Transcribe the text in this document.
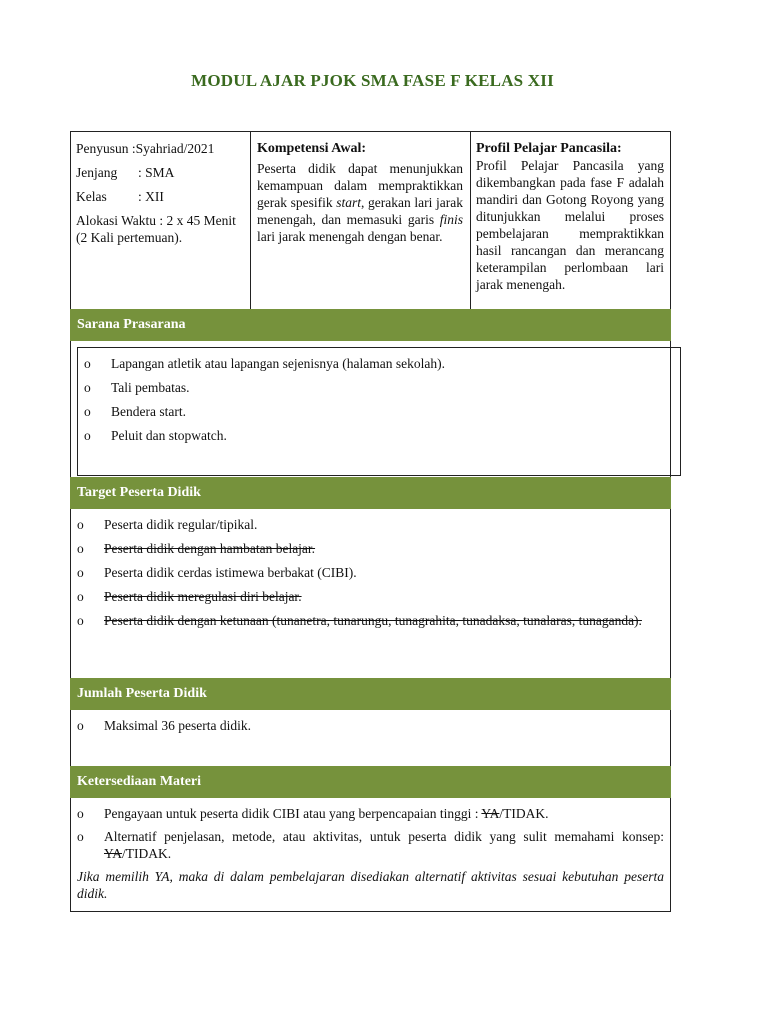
MODUL AJAR PJOK SMA FASE F KELAS XII
Penyusun :Syahriad/2021
Jenjang : SMA
Kelas : XII
Alokasi Waktu : 2 x 45 Menit (2 Kali pertemuan).
Kompetensi Awal:
Peserta didik dapat menunjukkan kemampuan dalam mempraktikkan gerak spesifik start, gerakan lari jarak menengah, dan memasuki garis finis lari jarak menengah dengan benar.
Profil Pelajar Pancasila:
Profil Pelajar Pancasila yang dikembangkan pada fase F adalah mandiri dan Gotong Royong yang ditunjukkan melalui proses pembelajaran mempraktikkan hasil rancangan dan merancang keterampilan perlombaan lari jarak menengah.
Sarana Prasarana
o Lapangan atletik atau lapangan sejenisnya (halaman sekolah).
o Tali pembatas.
o Bendera start.
o Peluit dan stopwatch.
Target Peserta Didik
o Peserta didik regular/tipikal.
o Peserta didik dengan hambatan belajar.
o Peserta didik cerdas istimewa berbakat (CIBI).
o Peserta didik meregulasi diri belajar.
o Peserta didik dengan ketunaan (tunanetra, tunarungu, tunagrahita, tunadaksa, tunalaras, tunaganda).
Jumlah Peserta Didik
o Maksimal 36 peserta didik.
Ketersediaan Materi
o Pengayaan untuk peserta didik CIBI atau yang berpencapaian tinggi : YA/TIDAK.
o Alternatif penjelasan, metode, atau aktivitas, untuk peserta didik yang sulit memahami konsep: YA/TIDAK.
Jika memilih YA, maka di dalam pembelajaran disediakan alternatif aktivitas sesuai kebutuhan peserta didik.
